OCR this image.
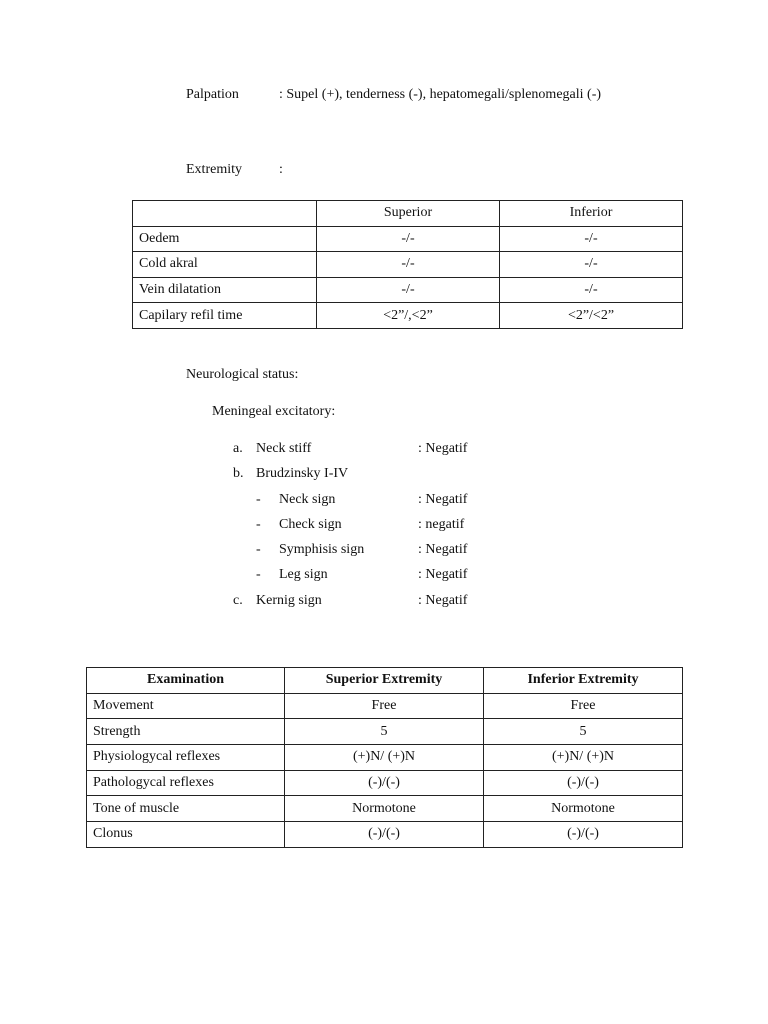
Palpation	: Supel (+), tenderness (-), hepatomegali/splenomegali (-)
Extremity	:
	Superior	Inferior
Oedem	-/-	-/-
Cold akral	-/-	-/-
Vein dilatation	-/-	-/-
Capilary refil time	<2”/,<2”	<2”/<2”
Neurological status:
Meningeal excitatory:
a. Neck stiff	: Negatif
b. Brudzinsky I-IV
- Neck sign	: Negatif
- Check sign	: negatif
- Symphisis sign	: Negatif
- Leg sign	: Negatif
c. Kernig sign	: Negatif
Examination	Superior Extremity	Inferior Extremity
Movement	Free	Free
Strength	5	5
Physiologycal reflexes	(+)N/ (+)N	(+)N/ (+)N
Pathologycal reflexes	(-)/(-)	(-)/(-)
Tone of muscle	Normotone	Normotone
Clonus	(-)/(-)	(-)/(-)
